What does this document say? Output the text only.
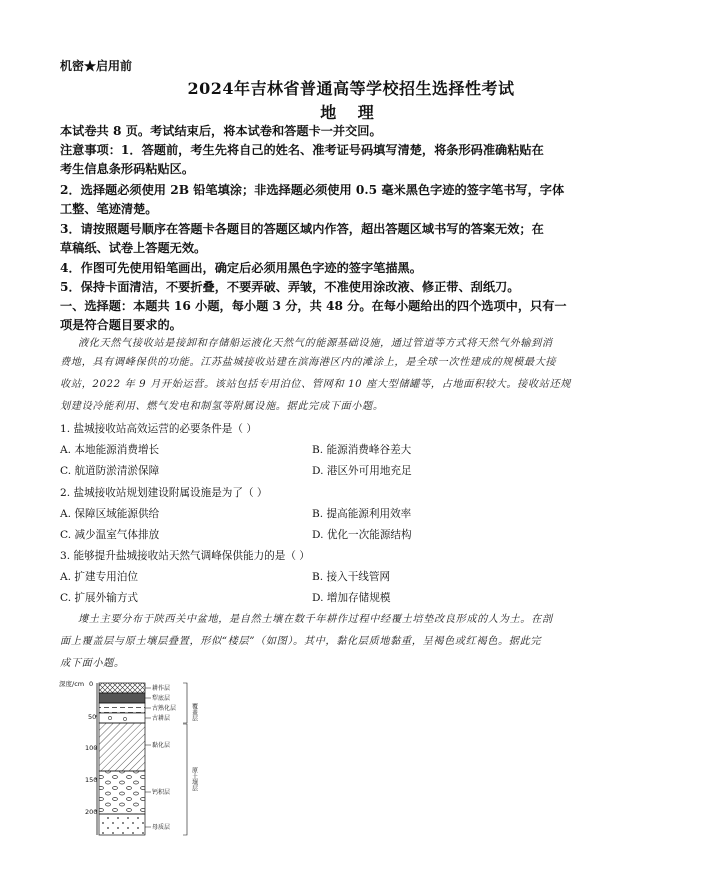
机密★启用前
2024年吉林省普通高等学校招生选择性考试
地 理
本试卷共 8 页。考试结束后，将本试卷和答题卡一并交回。
注意事项：1．答题前，考生先将自己的姓名、准考证号码填写清楚，将条形码准确粘贴在
考生信息条形码粘贴区。
2．选择题必须使用 2B 铅笔填涂；非选择题必须使用 0.5 毫米黑色字迹的签字笔书写，字体
工整、笔迹清楚。
3．请按照题号顺序在答题卡各题目的答题区域内作答，超出答题区域书写的答案无效；在
草稿纸、试卷上答题无效。
4．作图可先使用铅笔画出，确定后必须用黑色字迹的签字笔描黑。
5．保持卡面清洁，不要折叠，不要弄破、弄皱，不准使用涂改液、修正带、刮纸刀。
一、选择题：本题共 16 小题，每小题 3 分，共 48 分。在每小题给出的四个选项中，只有一
项是符合题目要求的。
液化天然气接收站是接卸和存储船运液化天然气的能源基础设施，通过管道等方式将天然气外输到消
费地，具有调峰保供的功能。江苏盐城接收站建在滨海港区内的滩涂上，是全球一次性建成的规模最大接
收站，2022 年 9 月开始运营。该站包括专用泊位、管网和 10 座大型储罐等，占地面积较大。接收站还规
划建设冷能利用、燃气发电和制氢等附属设施。据此完成下面小题。
1. 盐城接收站高效运营的必要条件是（ ）
A. 本地能源消费增长	B. 能源消费峰谷差大
C. 航道防淤清淤保障	D. 港区外可用地充足
2. 盐城接收站规划建设附属设施是为了（ ）
A. 保障区域能源供给	B. 提高能源利用效率
C. 减少温室气体排放	D. 优化一次能源结构
3. 能够提升盐城接收站天然气调峰保供能力的是（ ）
A. 扩建专用泊位	B. 接入干线管网
C. 扩展外输方式	D. 增加存储规模
塿土主要分布于陕西关中盆地，是自然土壤在数千年耕作过程中经覆土培垫改良形成的人为土。在剖
面上覆盖层与原土壤层叠置，形似“楼层”（如图）。其中，黏化层质地黏重，呈褐色或红褐色。据此完
成下面小题。
深度/cm 0
50
100
150
200
耕作层
犁底层
古熟化层
古耕层
黏化层
钙积层
母质层
覆盖层
原土壤层
